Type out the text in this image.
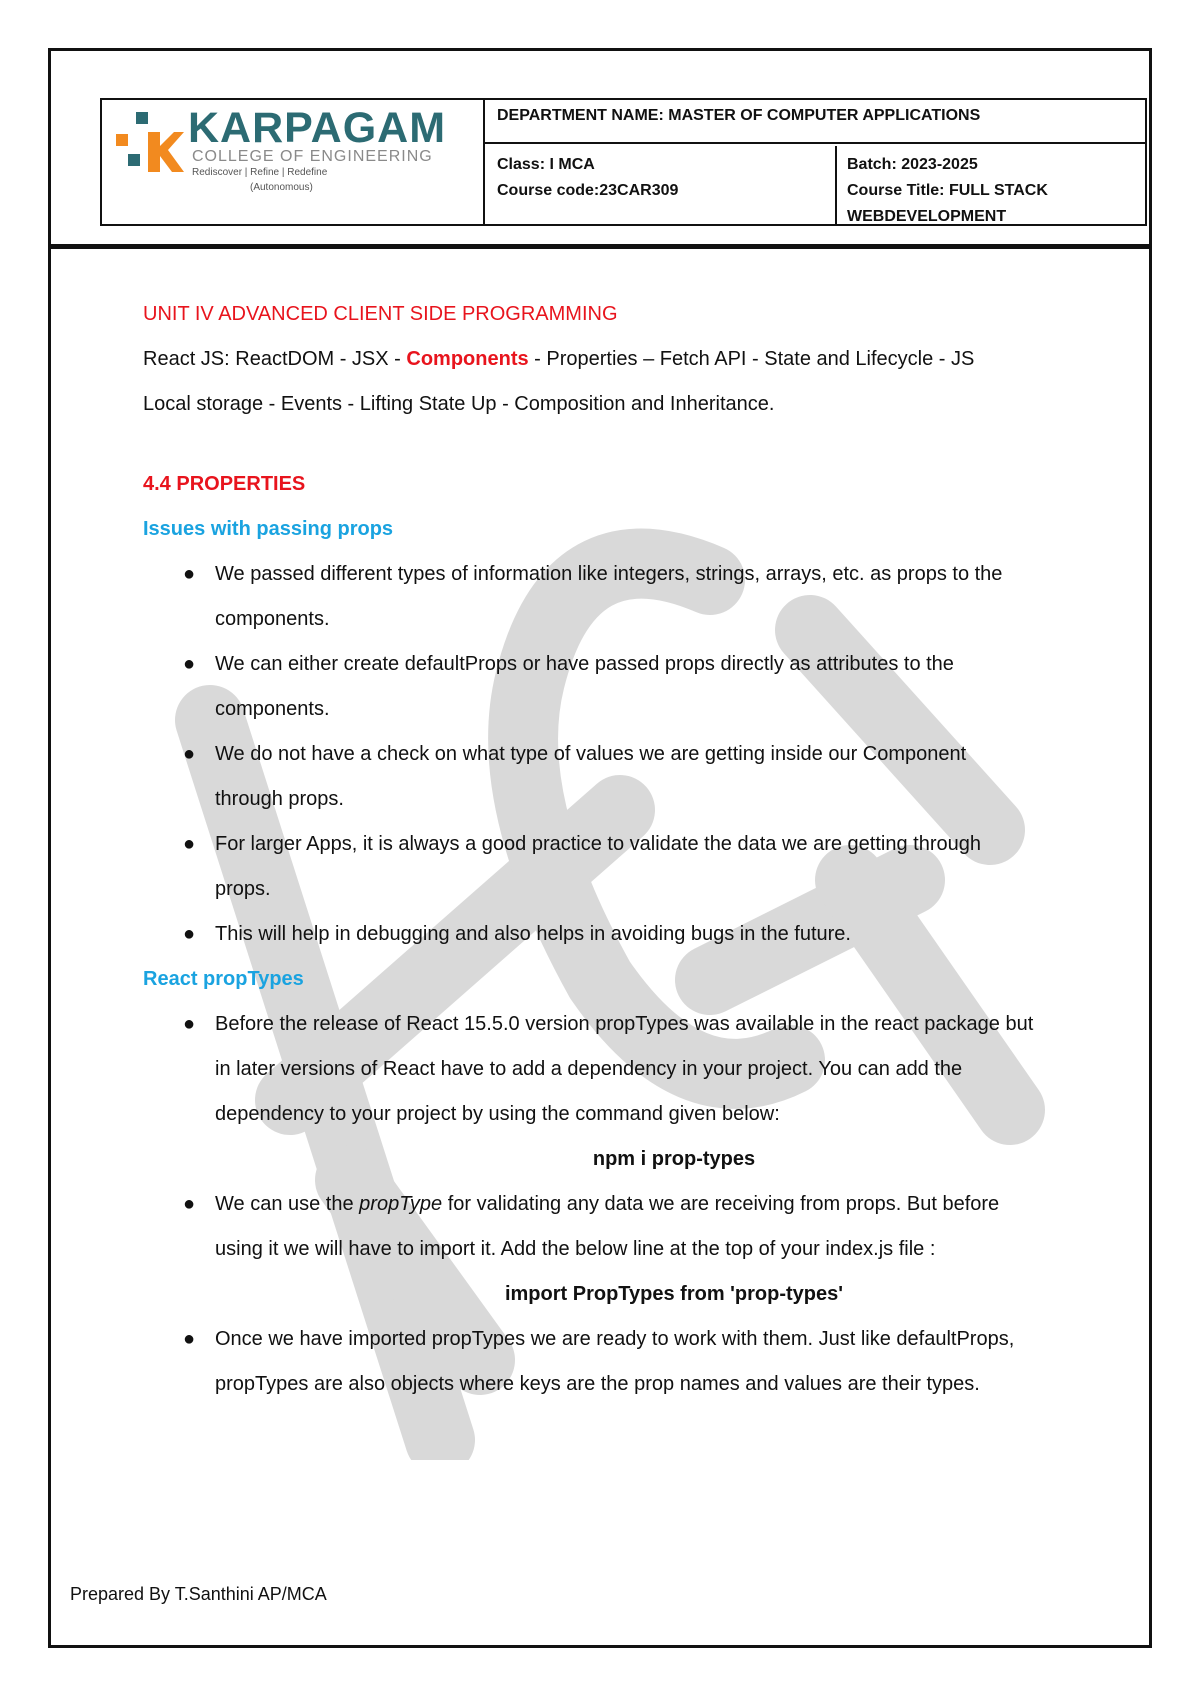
KARPAGAM
COLLEGE OF ENGINEERING
Rediscover | Refine | Redefine
(Autonomous)
DEPARTMENT NAME: MASTER OF COMPUTER APPLICATIONS
Class: I MCA
Course code:23CAR309
Batch: 2023-2025
Course Title: FULL STACK
WEBDEVELOPMENT

UNIT IV ADVANCED CLIENT SIDE PROGRAMMING

React JS: ReactDOM - JSX - Components - Properties – Fetch API - State and Lifecycle - JS

Local storage - Events - Lifting State Up - Composition and Inheritance.

4.4 PROPERTIES

Issues with passing props

● We passed different types of information like integers, strings, arrays, etc. as props to the
components.
● We can either create defaultProps or have passed props directly as attributes to the
components.
● We do not have a check on what type of values we are getting inside our Component
through props.
● For larger Apps, it is always a good practice to validate the data we are getting through
props.
● This will help in debugging and also helps in avoiding bugs in the future.

React propTypes

● Before the release of React 15.5.0 version propTypes was available in the react package but
in later versions of React have to add a dependency in your project. You can add the
dependency to your project by using the command given below:

npm i prop-types

● We can use the propType for validating any data we are receiving from props. But before
using it we will have to import it. Add the below line at the top of your index.js file :

import PropTypes from 'prop-types'

● Once we have imported propTypes we are ready to work with them. Just like defaultProps,
propTypes are also objects where keys are the prop names and values are their types.
Prepared By T.Santhini AP/MCA
